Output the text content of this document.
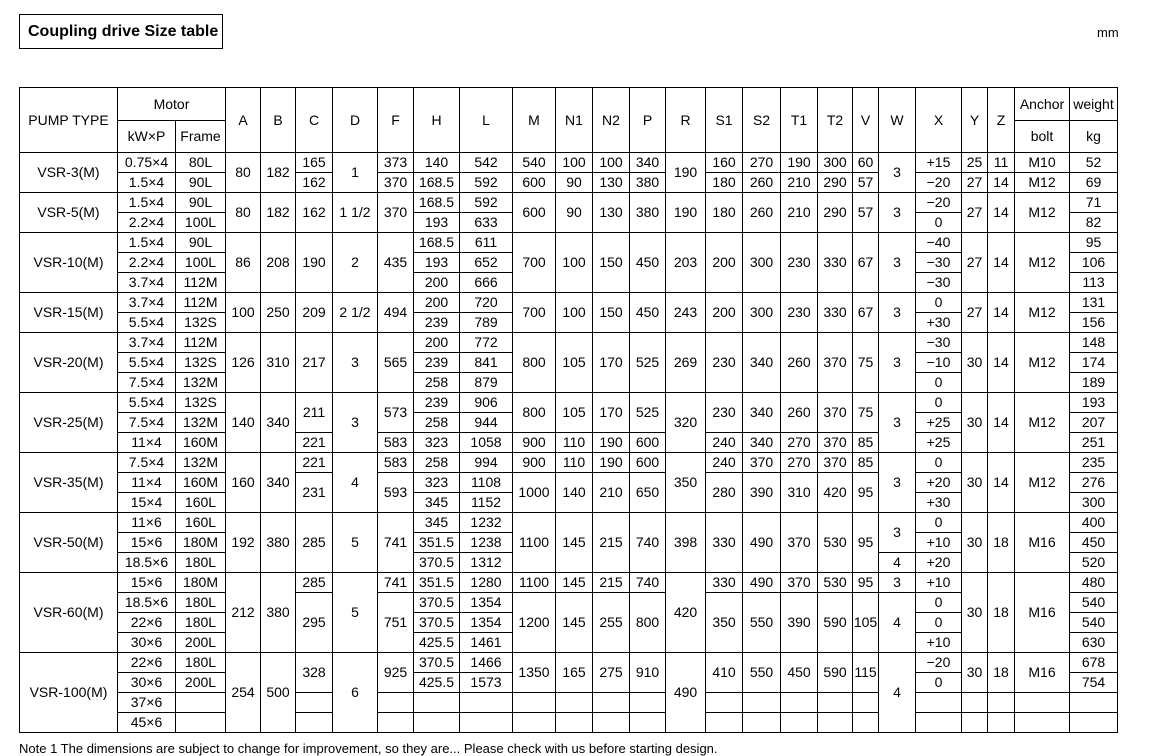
Coupling drive Size table	mm
PUMP TYPE	Motor		A	B	C	D	F	H	L	M	N1	N2	P	R	S1	S2	T1	T2	V	W	X	Y	Z	Anchor	weight
	kW×P	Frame																						bolt	kg
VSR-3(M)	0.75×4	80L	80	182	165	1	373	140	542	540	100	100	340	190	160	270	190	300	60	3	+15	25	11	M10	52
	1.5×4	90L			162		370	168.5	592	600	90	130	380		180	260	210	290	57		−20	27	14	M12	69
VSR-5(M)	1.5×4	90L	80	182	162	1 1/2	370	168.5	592	600	90	130	380	190	180	260	210	290	57	3	−20	27	14	M12	71
	2.2×4	100L						193	633												0				82
VSR-10(M)	1.5×4	90L	86	208	190	2	435	168.5	611	700	100	150	450	203	200	300	230	330	67	3	−40	27	14	M12	95
	2.2×4	100L						193	652												−30				106
	3.7×4	112M						200	666												−30				113
VSR-15(M)	3.7×4	112M	100	250	209	2 1/2	494	200	720	700	100	150	450	243	200	300	230	330	67	3	0	27	14	M12	131
	5.5×4	132S						239	789												+30				156
VSR-20(M)	3.7×4	112M	126	310	217	3	565	200	772	800	105	170	525	269	230	340	260	370	75	3	−30	30	14	M12	148
	5.5×4	132S						239	841												−10				174
	7.5×4	132M						258	879												0				189
VSR-25(M)	5.5×4	132S	140	340	211	3	573	239	906	800	105	170	525	320	230	340	260	370	75	3	0	30	14	M12	193
	7.5×4	132M						258	944												+25				207
	11×4	160M			221		583	323	1058	900	110	190	600		240	340	270	370	85		+25				251
VSR-35(M)	7.5×4	132M	160	340	221	4	583	258	994	900	110	190	600	350	240	370	270	370	85	3	0	30	14	M12	235
	11×4	160M			231		593	323	1108	1000	140	210	650		280	390	310	420	95		+20				276
	15×4	160L						345	1152												+30				300
VSR-50(M)	11×6	160L	192	380	285	5	741	345	1232	1100	145	215	740	398	330	490	370	530	95	3	0	30	18	M16	400
	15×6	180M						351.5	1238												+10				450
	18.5×6	180L						370.5	1312											4	+20				520
VSR-60(M)	15×6	180M	212	380	285	5	741	351.5	1280	1100	145	215	740	420	330	490	370	530	95	3	+10	30	18	M16	480
	18.5×6	180L			295		751	370.5	1354	1200	145	255	800		350	550	390	590	105	4	0				540
	22×6	180L						370.5	1354												0				540
	30×6	200L						425.5	1461												+10				630
VSR-100(M)	22×6	180L	254	500	328	6	925	370.5	1466	1350	165	275	910	490	410	550	450	590	115	4	−20	30	18	M16	678
	30×6	200L						425.5	1573												0				754
	37×6																								
	45×6																								
Note 1 The dimensions are subject to change for improvement, so they are... Please check with us before starting design.
